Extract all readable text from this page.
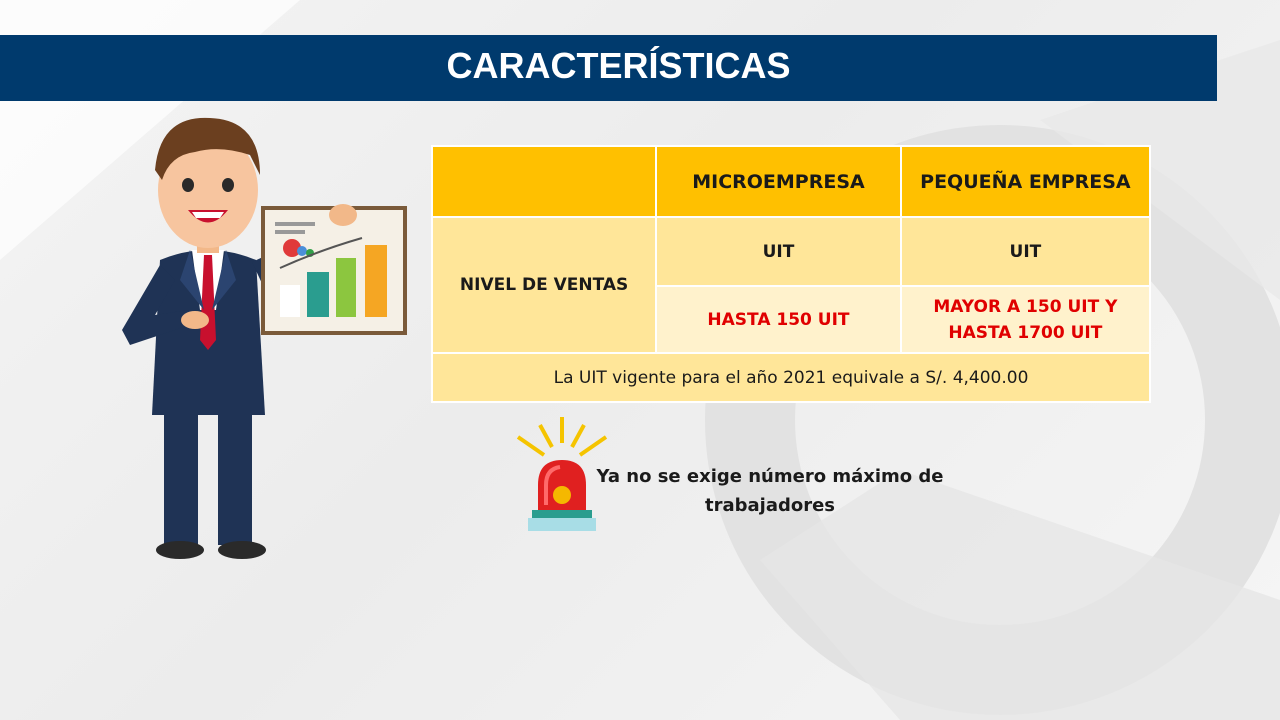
CARACTERÍSTICAS
	MICROEMPRESA	PEQUEÑA EMPRESA
NIVEL DE VENTAS	UIT	UIT
	HASTA 150 UIT	MAYOR A 150 UIT Y HASTA 1700 UIT
La UIT vigente para el año 2021 equivale a S/. 4,400.00		
Ya no se exige número máximo de trabajadores
